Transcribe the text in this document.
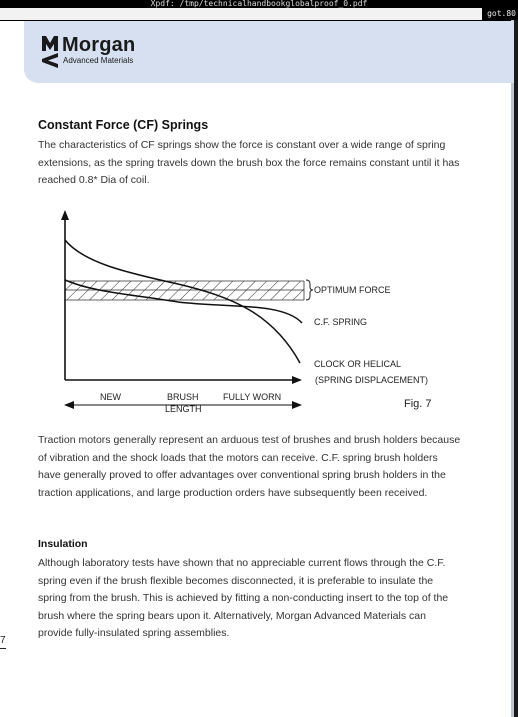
Xpdf: /tmp/technicalhandbookglobalproof_0.pdf
got.80
Morgan
Advanced Materials
Constant Force (CF) Springs

The characteristics of CF springs show the force is constant over a wide range of spring extensions, as the spring travels down the brush box the force remains constant until it has reached 0.8* Dia of coil.

OPTIMUM FORCE
C.F. SPRING
CLOCK OR HELICAL
(SPRING DISPLACEMENT)
NEW	BRUSH
LENGTH
FULLY WORN
Fig. 7

Traction motors generally represent an arduous test of brushes and brush holders because of vibration and the shock loads that the motors can receive. C.F. spring brush holders have generally proved to offer advantages over conventional spring brush holders in the traction applications, and large production orders have subsequently been received.

Insulation

Although laboratory tests have shown that no appreciable current flows through the C.F. spring even if the brush flexible becomes disconnected, it is preferable to insulate the spring from the brush. This is achieved by fitting a non-conducting insert to the top of the brush where the spring bears upon it. Alternatively, Morgan Advanced Materials can provide fully-insulated spring assemblies.

7
